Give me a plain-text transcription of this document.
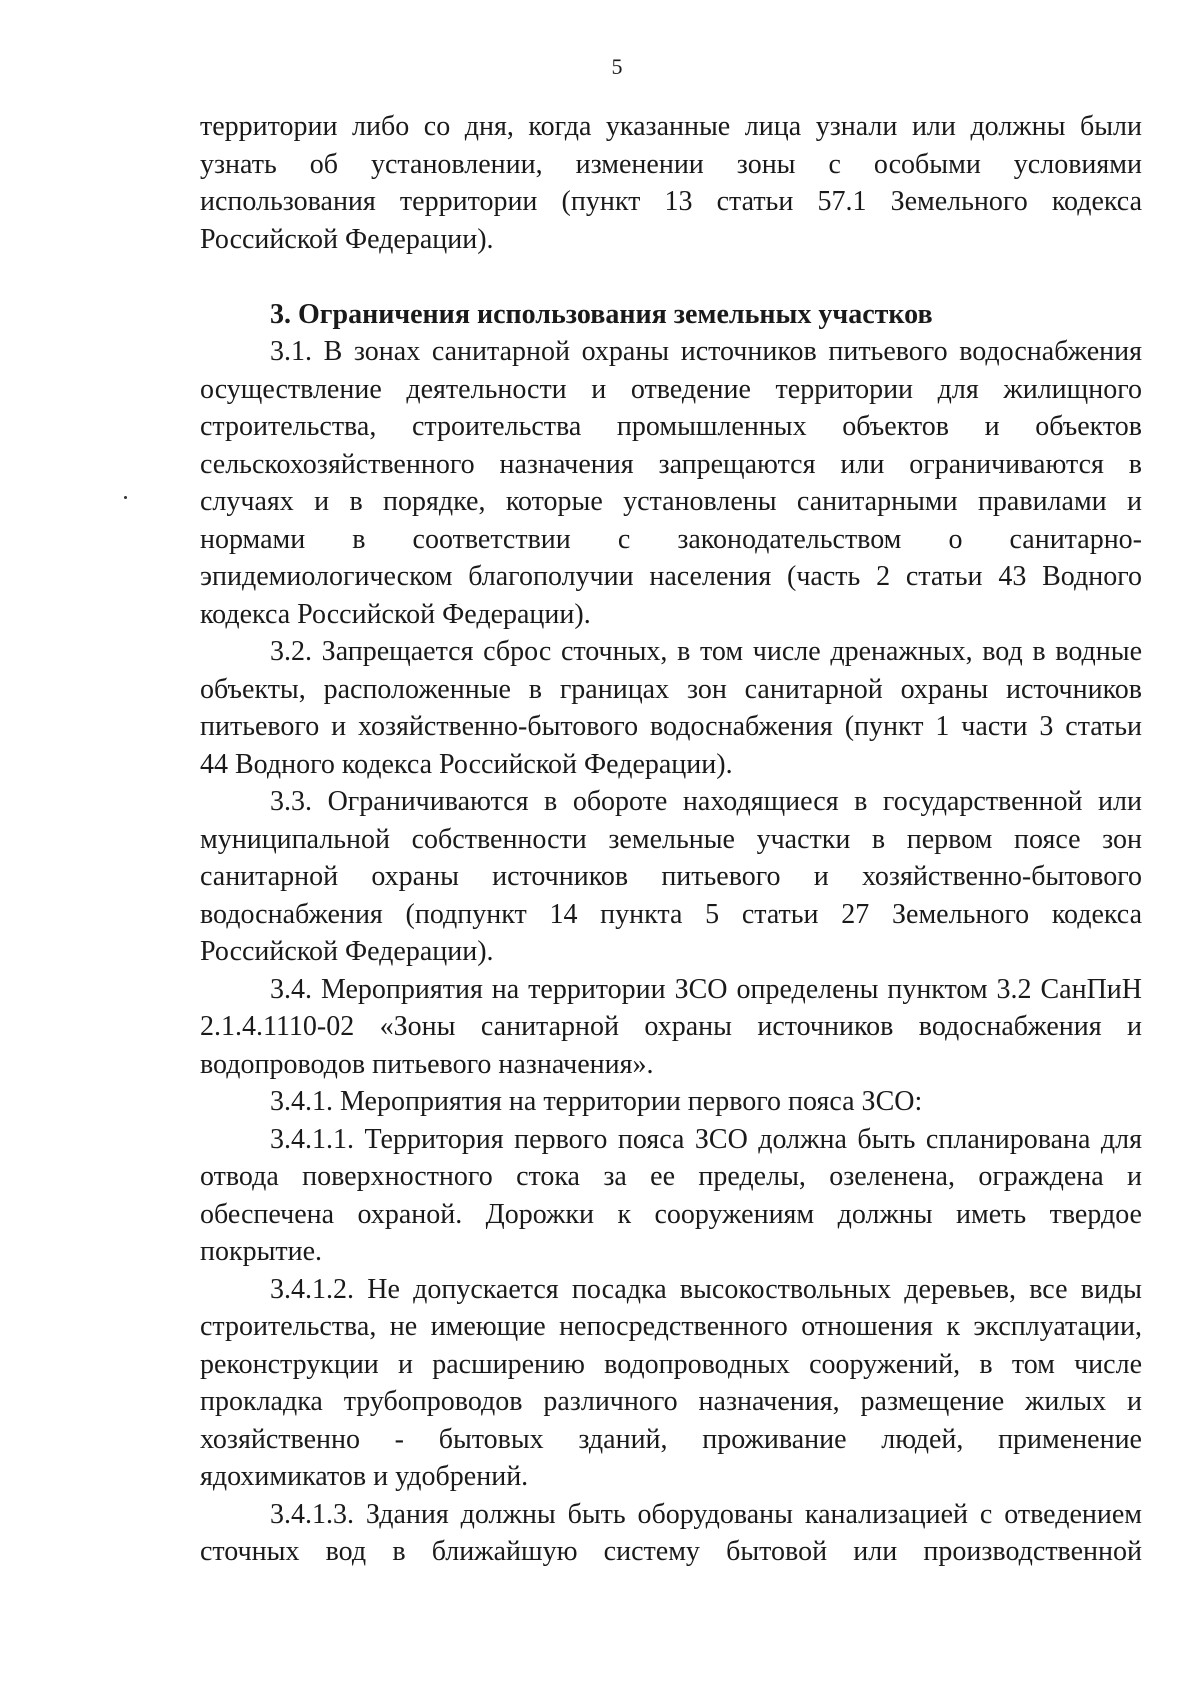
5
территории либо со дня, когда указанные лица узнали или должны были
узнать об установлении, изменении зоны с особыми условиями
использования территории (пункт 13 статьи 57.1 Земельного кодекса
Российской Федерации).
3. Ограничения использования земельных участков
3.1. В зонах санитарной охраны источников питьевого водоснабжения
осуществление деятельности и отведение территории для жилищного
строительства, строительства промышленных объектов и объектов
сельскохозяйственного назначения запрещаются или ограничиваются в
случаях и в порядке, которые установлены санитарными правилами и
нормами в соответствии с законодательством о санитарно-
эпидемиологическом благополучии населения (часть 2 статьи 43 Водного
кодекса Российской Федерации).
3.2. Запрещается сброс сточных, в том числе дренажных, вод в водные
объекты, расположенные в границах зон санитарной охраны источников
питьевого и хозяйственно-бытового водоснабжения (пункт 1 части 3 статьи
44 Водного кодекса Российской Федерации).
3.3. Ограничиваются в обороте находящиеся в государственной или
муниципальной собственности земельные участки в первом поясе зон
санитарной охраны источников питьевого и хозяйственно-бытового
водоснабжения (подпункт 14 пункта 5 статьи 27 Земельного кодекса
Российской Федерации).
3.4. Мероприятия на территории ЗСО определены пунктом 3.2 СанПиН
2.1.4.1110-02 «Зоны санитарной охраны источников водоснабжения и
водопроводов питьевого назначения».
3.4.1. Мероприятия на территории первого пояса ЗСО:
3.4.1.1. Территория первого пояса ЗСО должна быть спланирована для
отвода поверхностного стока за ее пределы, озеленена, ограждена и
обеспечена охраной. Дорожки к сооружениям должны иметь твердое
покрытие.
3.4.1.2. Не допускается посадка высокоствольных деревьев, все виды
строительства, не имеющие непосредственного отношения к эксплуатации,
реконструкции и расширению водопроводных сооружений, в том числе
прокладка трубопроводов различного назначения, размещение жилых и
хозяйственно - бытовых зданий, проживание людей, применение
ядохимикатов и удобрений.
3.4.1.3. Здания должны быть оборудованы канализацией с отведением
сточных вод в ближайшую систему бытовой или производственной
